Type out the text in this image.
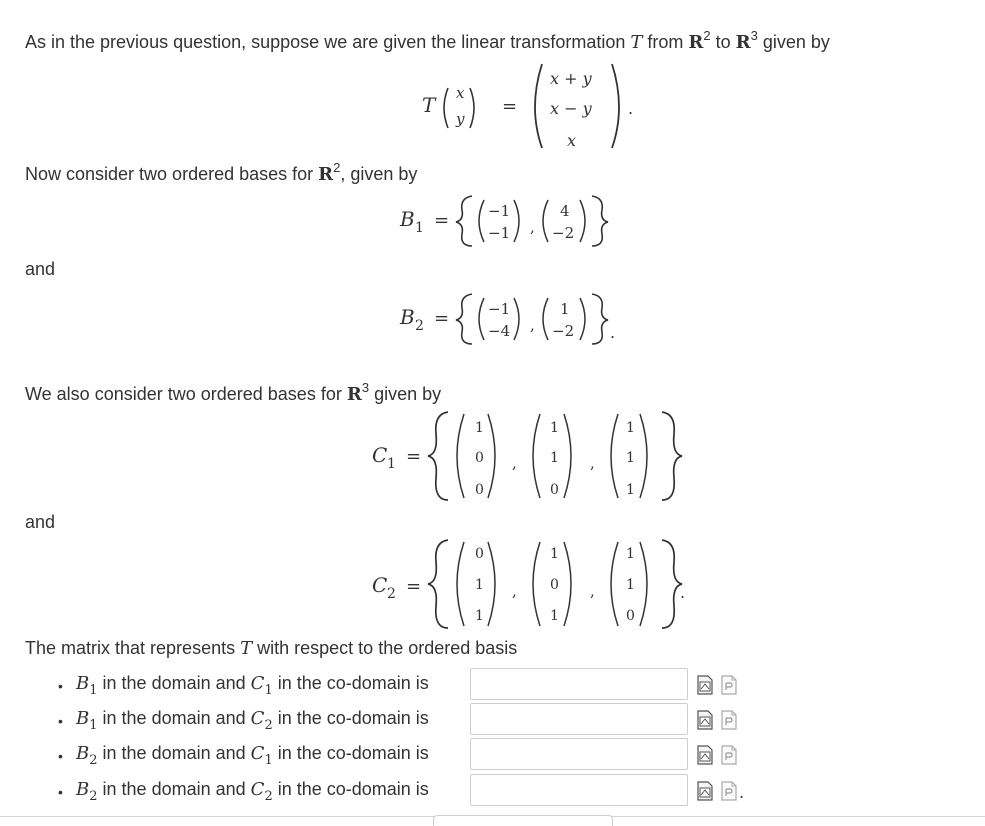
As in the previous question, suppose we are given the linear transformation T from $R^2$ to $R^3$ given by
T x
y
=
x + y
x − y
x
.
Now consider two ordered bases for $R^2$, given by
B 1 =	−1
−1 ,
4
−2
and
B 2 =	−1
−4 ,
1
−2 .
We also consider two ordered bases for $R^3$ given by
C 1 =
1
0
0
,
1
1
0
,
1
1
1
and
C 2 =
0
1
1
,
1
0
1
,
1
1
0
.
The matrix that represents T with respect to the ordered basis
• $B_1$ in the domain and $C_1$ in the co-domain is
• $B_1$ in the domain and $C_2$ in the co-domain is
• $B_2$ in the domain and $C_1$ in the co-domain is
• $B_2$ in the domain and $C_2$ in the co-domain is	.
